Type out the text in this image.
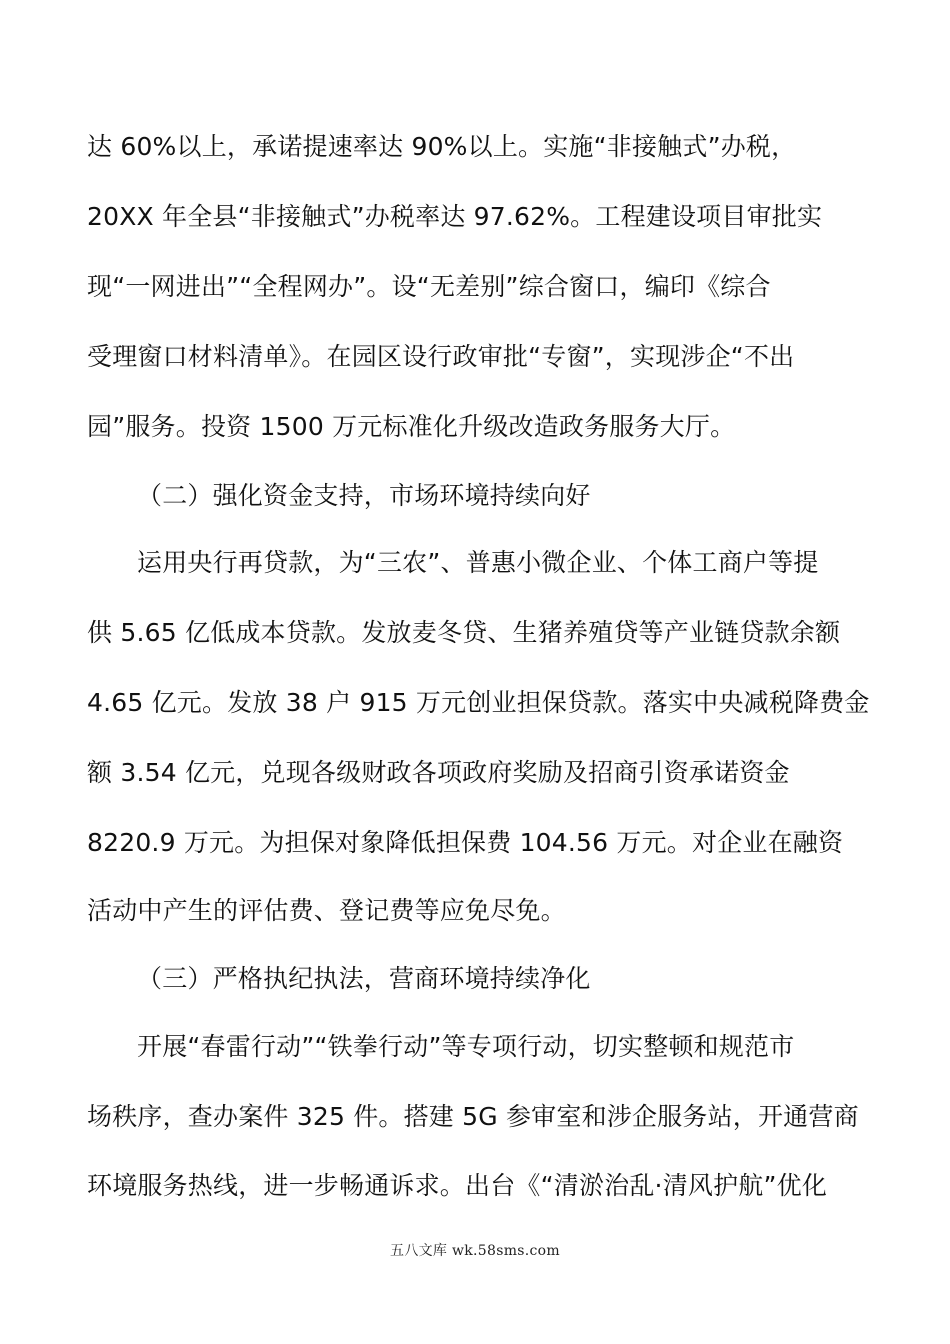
达 60%以上，承诺提速率达 90%以上。实施“非接触式”办税，
20XX 年全县“非接触式”办税率达 97.62%。工程建设项目审批实
现“一网进出”“全程网办”。设“无差别”综合窗口，编印《综合
受理窗口材料清单》。在园区设行政审批“专窗”，实现涉企“不出
园”服务。投资 1500 万元标准化升级改造政务服务大厅。
（二）强化资金支持，市场环境持续向好
运用央行再贷款，为“三农”、普惠小微企业、个体工商户等提
供 5.65 亿低成本贷款。发放麦冬贷、生猪养殖贷等产业链贷款余额
4.65 亿元。发放 38 户 915 万元创业担保贷款。落实中央减税降费金
额 3.54 亿元，兑现各级财政各项政府奖励及招商引资承诺资金
8220.9 万元。为担保对象降低担保费 104.56 万元。对企业在融资
活动中产生的评估费、登记费等应免尽免。
（三）严格执纪执法，营商环境持续净化
开展“春雷行动”“铁拳行动”等专项行动，切实整顿和规范市
场秩序，查办案件 325 件。搭建 5G 参审室和涉企服务站，开通营商
环境服务热线，进一步畅通诉求。出台《“清淤治乱·清风护航”优化
五八文库 wk.58sms.com
